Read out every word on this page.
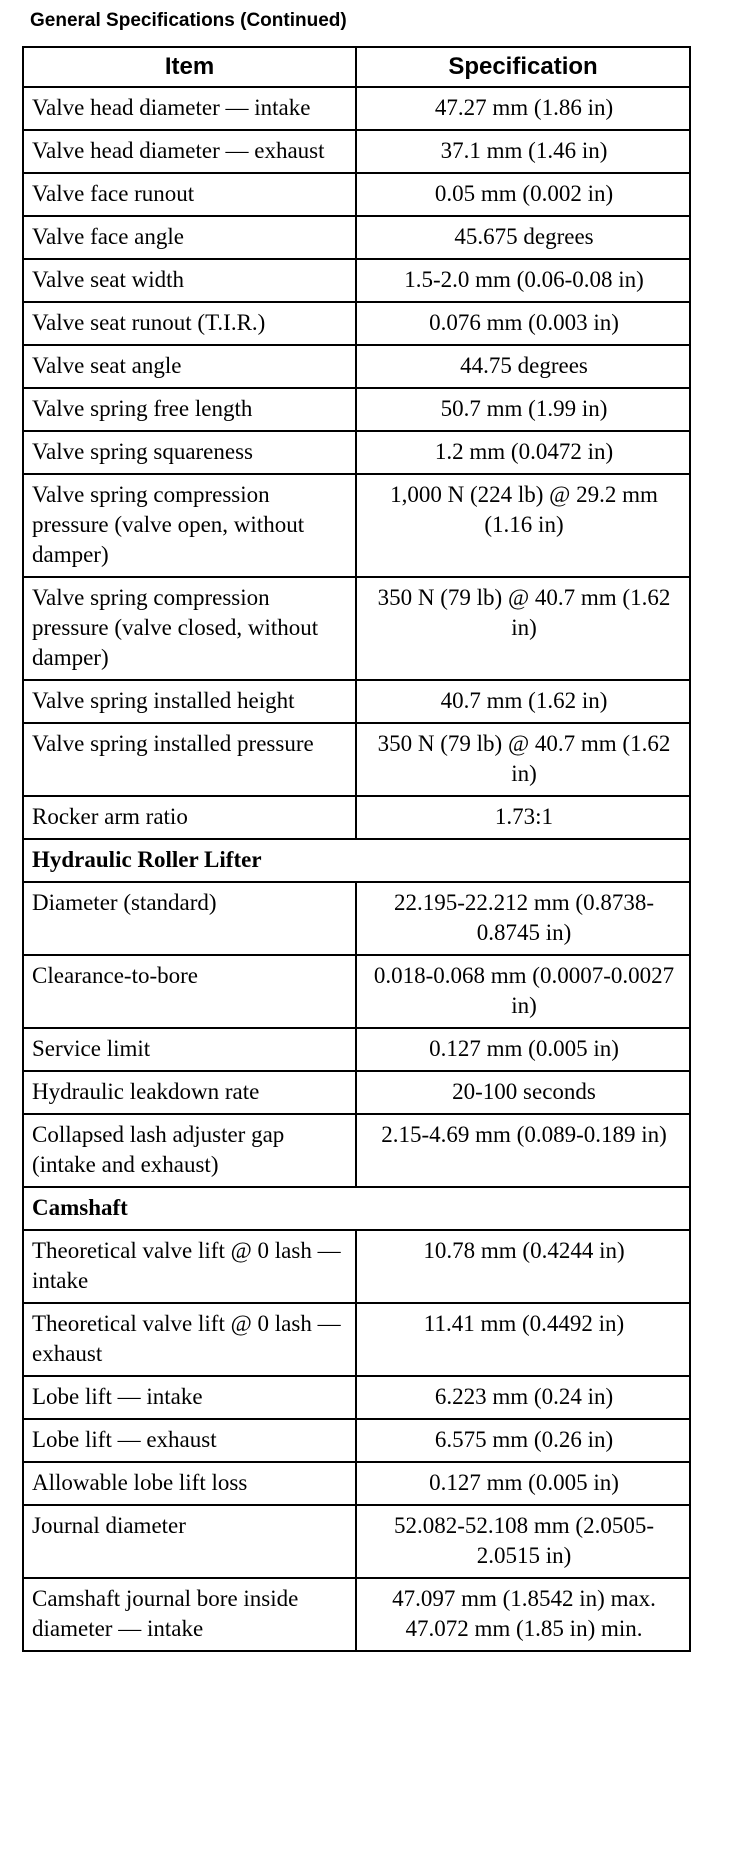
General Specifications (Continued)
Item	Specification
Valve head diameter — intake	47.27 mm (1.86 in)
Valve head diameter — exhaust	37.1 mm (1.46 in)
Valve face runout	0.05 mm (0.002 in)
Valve face angle	45.675 degrees
Valve seat width	1.5-2.0 mm (0.06-0.08 in)
Valve seat runout (T.I.R.)	0.076 mm (0.003 in)
Valve seat angle	44.75 degrees
Valve spring free length	50.7 mm (1.99 in)
Valve spring squareness	1.2 mm (0.0472 in)
Valve spring compression pressure (valve open, without damper)	1,000 N (224 lb) @ 29.2 mm (1.16 in)
Valve spring compression pressure (valve closed, without damper)	350 N (79 lb) @ 40.7 mm (1.62 in)
Valve spring installed height	40.7 mm (1.62 in)
Valve spring installed pressure	350 N (79 lb) @ 40.7 mm (1.62 in)
Rocker arm ratio	1.73:1
Hydraulic Roller Lifter	
Diameter (standard)	22.195-22.212 mm (0.8738-0.8745 in)
Clearance-to-bore	0.018-0.068 mm (0.0007-0.0027 in)
Service limit	0.127 mm (0.005 in)
Hydraulic leakdown rate	20-100 seconds
Collapsed lash adjuster gap (intake and exhaust)	2.15-4.69 mm (0.089-0.189 in)
Camshaft	
Theoretical valve lift @ 0 lash — intake	10.78 mm (0.4244 in)
Theoretical valve lift @ 0 lash — exhaust	11.41 mm (0.4492 in)
Lobe lift — intake	6.223 mm (0.24 in)
Lobe lift — exhaust	6.575 mm (0.26 in)
Allowable lobe lift loss	0.127 mm (0.005 in)
Journal diameter	52.082-52.108 mm (2.0505-2.0515 in)
Camshaft journal bore inside diameter — intake	47.097 mm (1.8542 in) max.
47.072 mm (1.85 in) min.
